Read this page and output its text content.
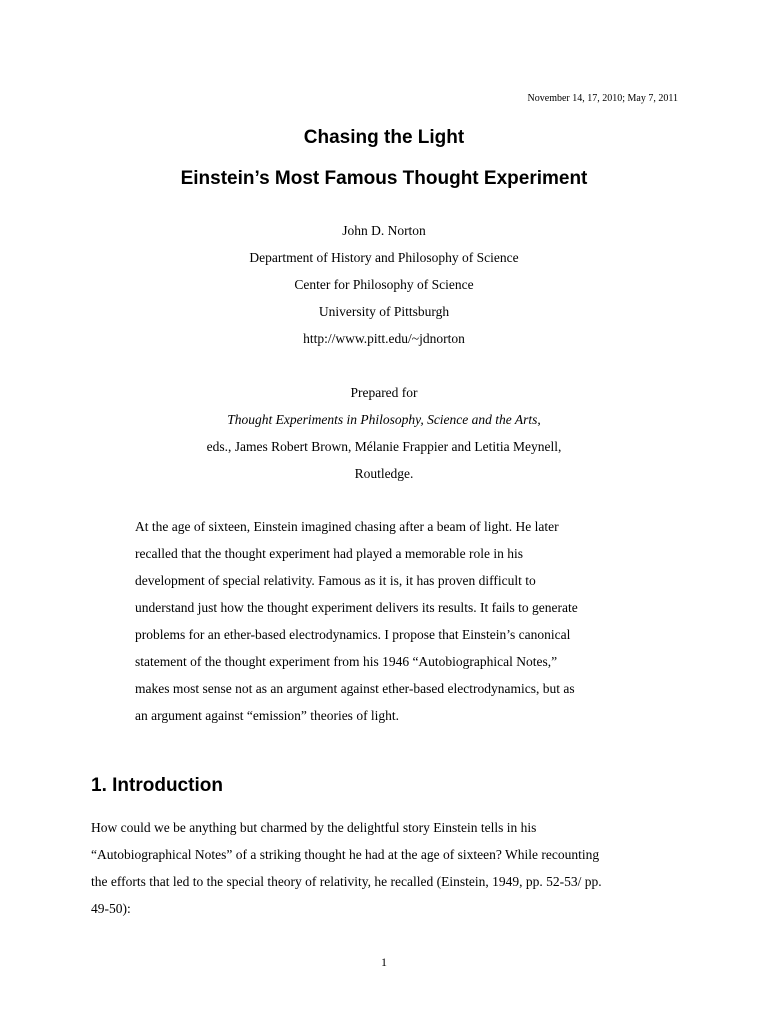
November 14, 17, 2010; May 7, 2011
Chasing the Light
Einstein’s Most Famous Thought Experiment
John D. Norton
Department of History and Philosophy of Science
Center for Philosophy of Science
University of Pittsburgh
http://www.pitt.edu/~jdnorton
Prepared for
Thought Experiments in Philosophy, Science and the Arts,
eds., James Robert Brown, Mélanie Frappier and Letitia Meynell,
Routledge.
At the age of sixteen, Einstein imagined chasing after a beam of light. He later
recalled that the thought experiment had played a memorable role in his
development of special relativity. Famous as it is, it has proven difficult to
understand just how the thought experiment delivers its results. It fails to generate
problems for an ether-based electrodynamics. I propose that Einstein’s canonical
statement of the thought experiment from his 1946 “Autobiographical Notes,”
makes most sense not as an argument against ether-based electrodynamics, but as
an argument against “emission” theories of light.
1. Introduction
How could we be anything but charmed by the delightful story Einstein tells in his
“Autobiographical Notes” of a striking thought he had at the age of sixteen? While recounting
the efforts that led to the special theory of relativity, he recalled (Einstein, 1949, pp. 52-53/ pp.
49-50):
1
